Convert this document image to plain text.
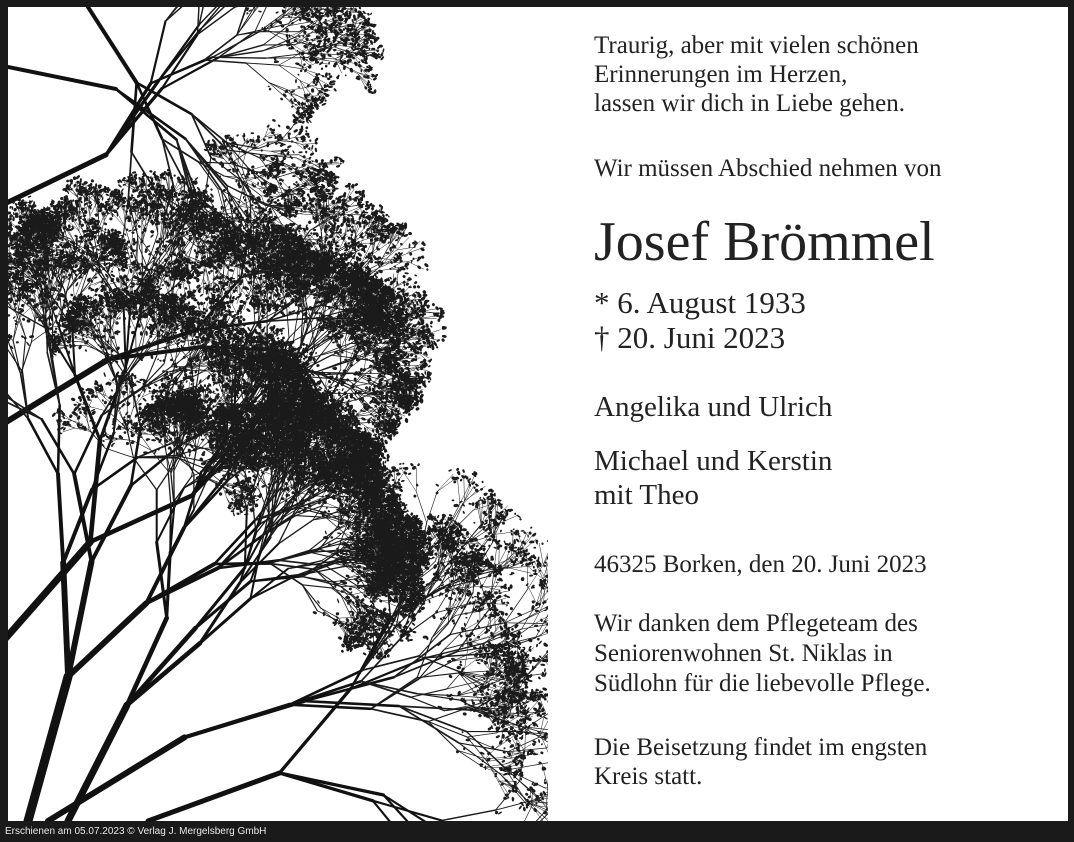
Traurig, aber mit vielen schönen
Erinnerungen im Herzen,
lassen wir dich in Liebe gehen.
Wir müssen Abschied nehmen von
Josef Brömmel
* 6. August 1933
† 20. Juni 2023
Angelika und Ulrich
Michael und Kerstin
mit Theo
46325 Borken, den 20. Juni 2023
Wir danken dem Pflegeteam des
Seniorenwohnen St. Niklas in
Südlohn für die liebevolle Pflege.
Die Beisetzung findet im engsten
Kreis statt.
Erschienen am 05.07.2023 © Verlag J. Mergelsberg GmbH
